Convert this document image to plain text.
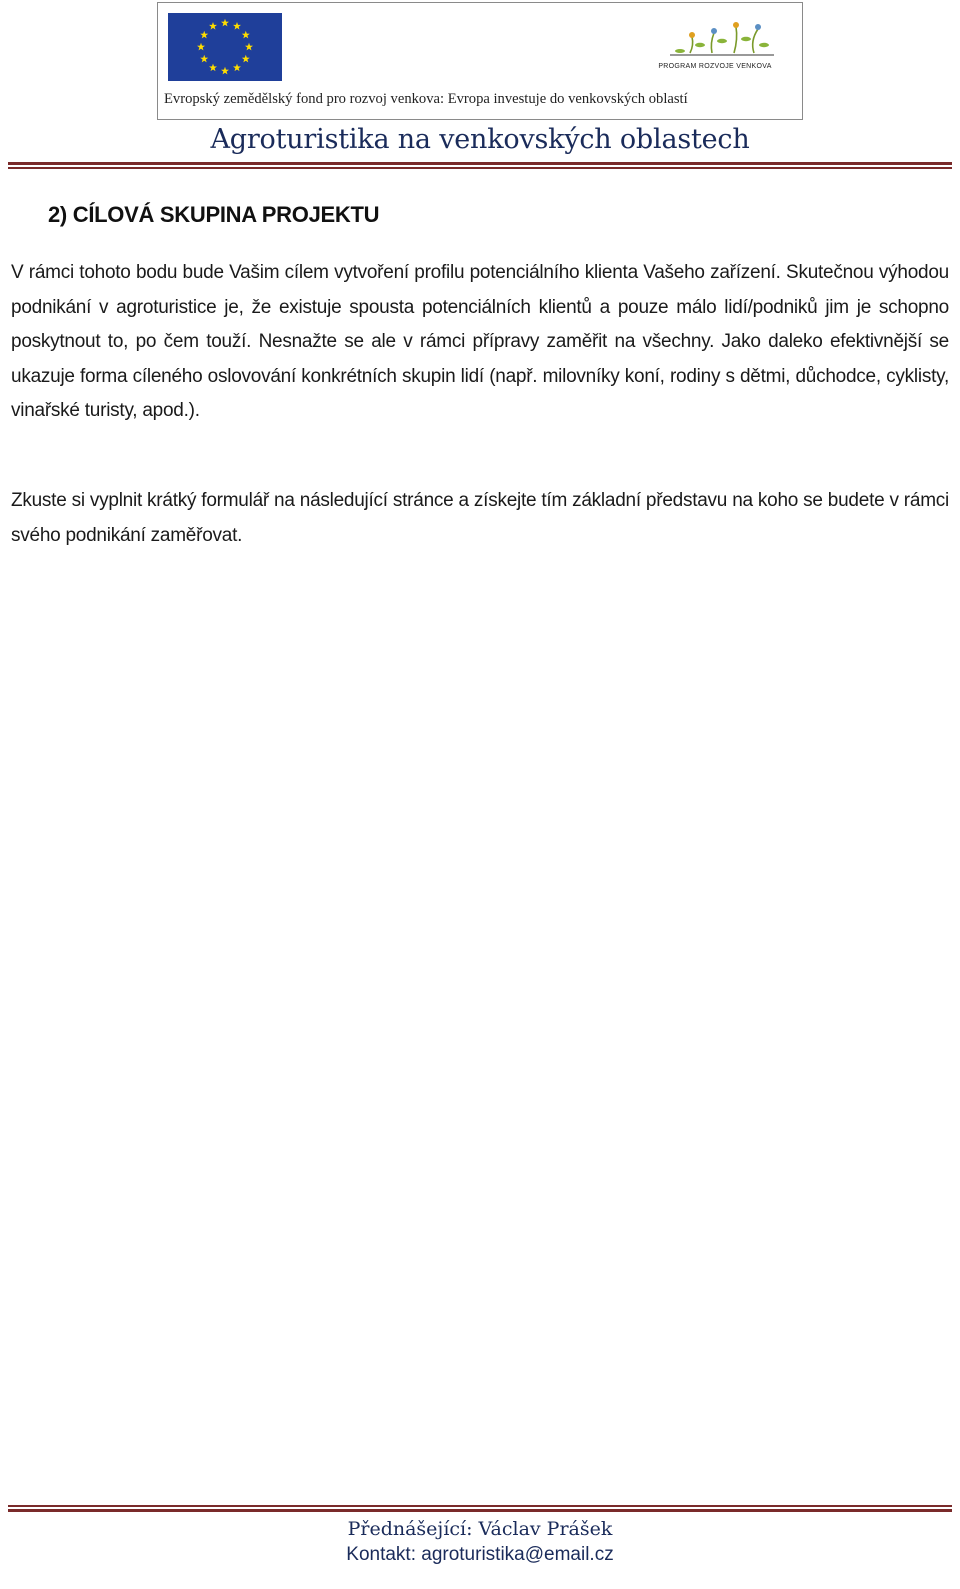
PROGRAM ROZVOJE VENKOVA
Evropský zemědělský fond pro rozvoj venkova: Evropa investuje do venkovských oblastí
Agroturistika na venkovských oblastech
2) CÍLOVÁ SKUPINA PROJEKTU
V rámci tohoto bodu bude Vašim cílem vytvoření profilu potenciálního klienta Vašeho zařízení. Skutečnou výhodou podnikání v agroturistice je, že existuje spousta potenciálních klientů a pouze málo lidí/podniků jim je schopno poskytnout to, po čem touží. Nesnažte se ale v rámci přípravy zaměřit na všechny. Jako daleko efektivnější se ukazuje forma cíleného oslovování konkrétních skupin lidí (např. milovníky koní, rodiny s dětmi, důchodce, cyklisty, vinařské turisty, apod.).
Zkuste si vyplnit krátký formulář na následující stránce a získejte tím základní představu na koho se budete v rámci svého podnikání zaměřovat.
Přednášející: Václav Prášek
Kontakt: agroturistika@email.cz
